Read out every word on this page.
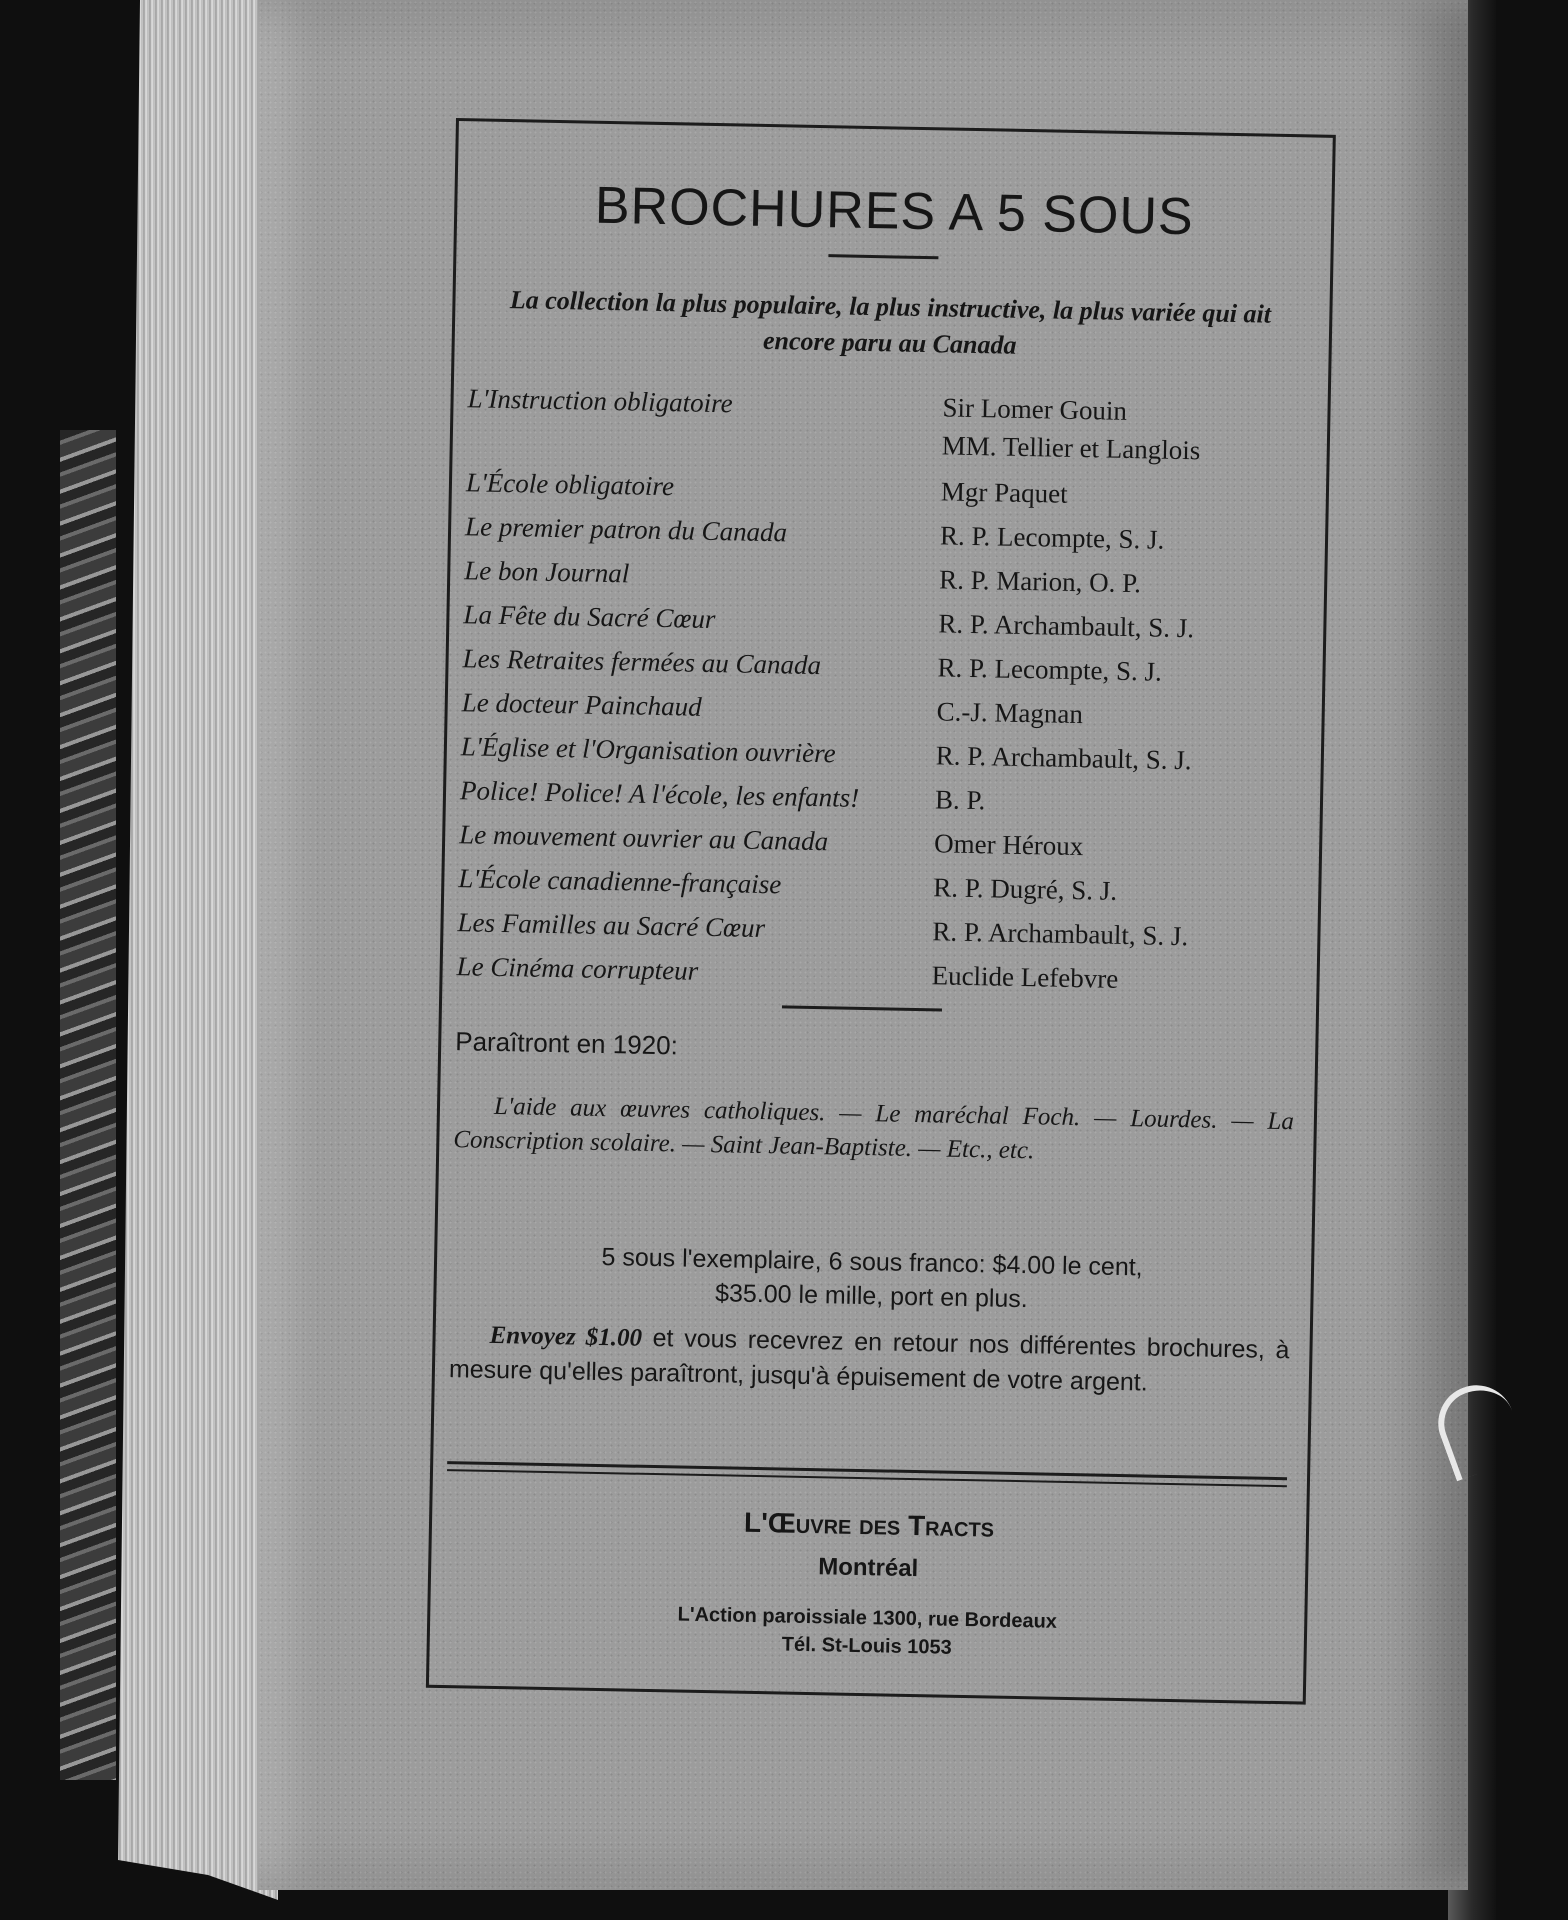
BROCHURES A 5 SOUS
La collection la plus populaire, la plus instructive, la plus variée qui ait encore paru au Canada
L'Instruction obligatoire	Sir Lomer Gouin
MM. Tellier et Langlois
L'École obligatoire	Mgr Paquet
Le premier patron du Canada	R. P. Lecompte, S. J.
Le bon Journal	R. P. Marion, O. P.
La Fête du Sacré Cœur	R. P. Archambault, S. J.
Les Retraites fermées au Canada	R. P. Lecompte, S. J.
Le docteur Painchaud	C.-J. Magnan
L'Église et l'Organisation ouvrière	R. P. Archambault, S. J.
Police! Police! A l'école, les enfants!	B. P.
Le mouvement ouvrier au Canada	Omer Héroux
L'École canadienne-française	R. P. Dugré, S. J.
Les Familles au Sacré Cœur	R. P. Archambault, S. J.
Le Cinéma corrupteur	Euclide Lefebvre
Paraîtront en 1920:
L'aide aux œuvres catholiques. — Le maréchal Foch. — Lourdes. — La Conscription scolaire. — Saint Jean-Baptiste. — Etc., etc.
5 sous l'exemplaire, 6 sous franco: $4.00 le cent,
$35.00 le mille, port en plus.
Envoyez $1.00 et vous recevrez en retour nos différentes brochures, à mesure qu'elles paraîtront, jusqu'à épuisement de votre argent.
L'Œuvre des Tracts
Montréal
L'Action paroissiale 1300, rue Bordeaux
Tél. St-Louis 1053
